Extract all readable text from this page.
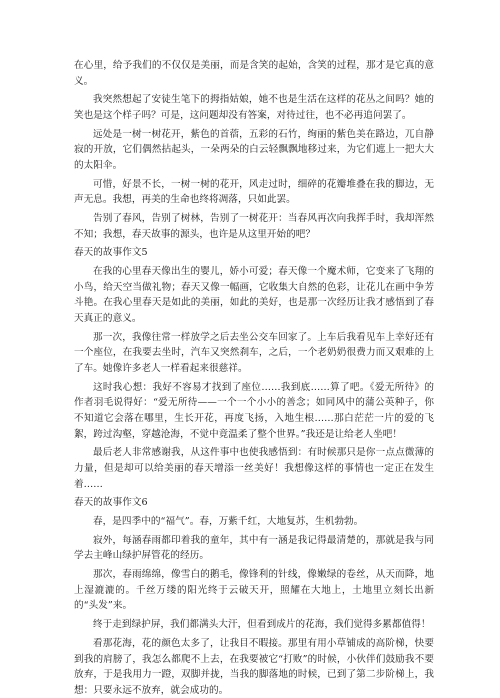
在心里，给予我们的不仅仅是美丽，而是含笑的起始，含笑的过程，那才是它真的意义。

我突然想起了安徒生笔下的拇指姑娘，她不也是生活在这样的花丛之间吗？她的笑也是这个样子吗？可是，这问题却没有答案，对待过往，也不必再追问罢了。

远处是一树一树花开，紫色的首蓿，五彩的石竹，绚丽的紫色美在路边，兀自静寂的开放，它们偶然拈起头，一朵两朵的白云轻飘飘地移过来，为它们遮上一把大大的太阳伞。

可惜，好景不长，一树一树的花开，风走过时，细碎的花瓣堆叠在我的脚边，无声无息。我想，再美的生命也终将凋落，只如此罢。

告别了春风，告别了树林，告别了一树花开：当春风再次向我挥手时，我却浑然不知；我想，春天故事的源头，也许是从这里开始的吧？

春天的故事作文5

在我的心里春天像出生的婴儿，娇小可爱；春天像一个魔术师，它变来了飞翔的小鸟，给天空当做礼物；春天又像一幅画，它收集大自然的色彩，让花儿在画中争芳斗艳。在我心里春天是如此的美丽，如此的美好，也是那一次经历让我才感悟到了春天真正的意义。

那一次，我像往常一样放学之后去坐公交车回家了。上车后我看见车上幸好还有一个座位，在我要去坐时，汽车又突然刹车，之后，一个老奶奶很费力而又艰难的上了车。她像许多老人一样看起来很慈祥。

这时我心想：我好不容易才找到了座位……我到底……算了吧。《爱无所待》的作者羽毛说得好：“爱无所待——一个一个小小的善念；如同风中的蒲公英种子，你不知道它会落在哪里，生长开花，再度飞扬，入地生根……那白茫茫一片的爱的飞絮，跨过沟壑，穿越沧海，不觉中竟温柔了整个世界。”我还是让给老人坐吧！

最后老人非常感谢我，从这件事中也使我感悟到：有时候那只是你一点点微薄的力量，但是却可以给美丽的春天增添一丝美好！我想像这样的事情也一定正在发生着……

春天的故事作文6

春，是四季中的“福气”。春，万紫千红，大地复苏，生机勃勃。

寂外，每涵春雨都印着我的童年，其中有一涵是我记得最清楚的，那就是我与同学去主峰山绿护屏管花的经历。

那次，春雨绵绵，像雪白的鹅毛，像锋利的针线，像嫩绿的卷丝，从天而降，地上湿漉漉的。千丝万缕的阳光终于云破天开，照耀在大地上，土地里立刻长出新的“头发”来。

终于走到绿护屏，我们都满头大汗，但看到成片的花海，我们觉得多累都值得！

看那花海，花的颜色太多了，让我目不暇接。那里有用小草铺成的高阶梯，快要到我的肩膀了，我怎么都爬不上去，在我要被它“打败”的时候，小伙伴们鼓励我不要放弃，于是我用力一蹬，双脚并拢，当我的脚落地的时候，已到了第二步阶梯上，我想：只要永远不放弃，就会成功的。
